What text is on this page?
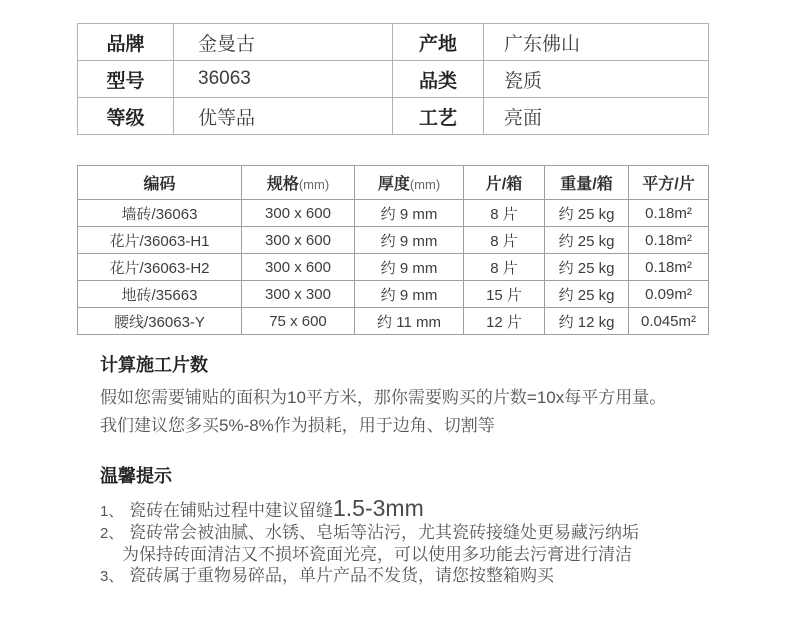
品牌	金曼古	产地	广东佛山
型号	36063	品类	瓷质
等级	优等品	工艺	亮面
编码	规格(mm)	厚度(mm)	片/箱	重量/箱	平方/片
墙砖/36063	300 x 600	约 9 mm	8 片	约 25 kg	0.18m²
花片/36063-H1	300 x 600	约 9 mm	8 片	约 25 kg	0.18m²
花片/36063-H2	300 x 600	约 9 mm	8 片	约 25 kg	0.18m²
地砖/35663	300 x 300	约 9 mm	15 片	约 25 kg	0.09m²
腰线/36063-Y	75 x 600	约 11 mm	12 片	约 12 kg	0.045m²
计算施工片数
假如您需要铺贴的面积为10平方米，那你需要购买的片数=10x每平方用量。
我们建议您多买5%-8%作为损耗，用于边角、切割等
温馨提示
1、 瓷砖在铺贴过程中建议留缝1.5-3mm
2、 瓷砖常会被油腻、水锈、皂垢等沾污，尤其瓷砖接缝处更易藏污纳垢
为保持砖面清洁又不损坏瓷面光亮，可以使用多功能去污膏进行清洁
3、 瓷砖属于重物易碎品，单片产品不发货，请您按整箱购买
